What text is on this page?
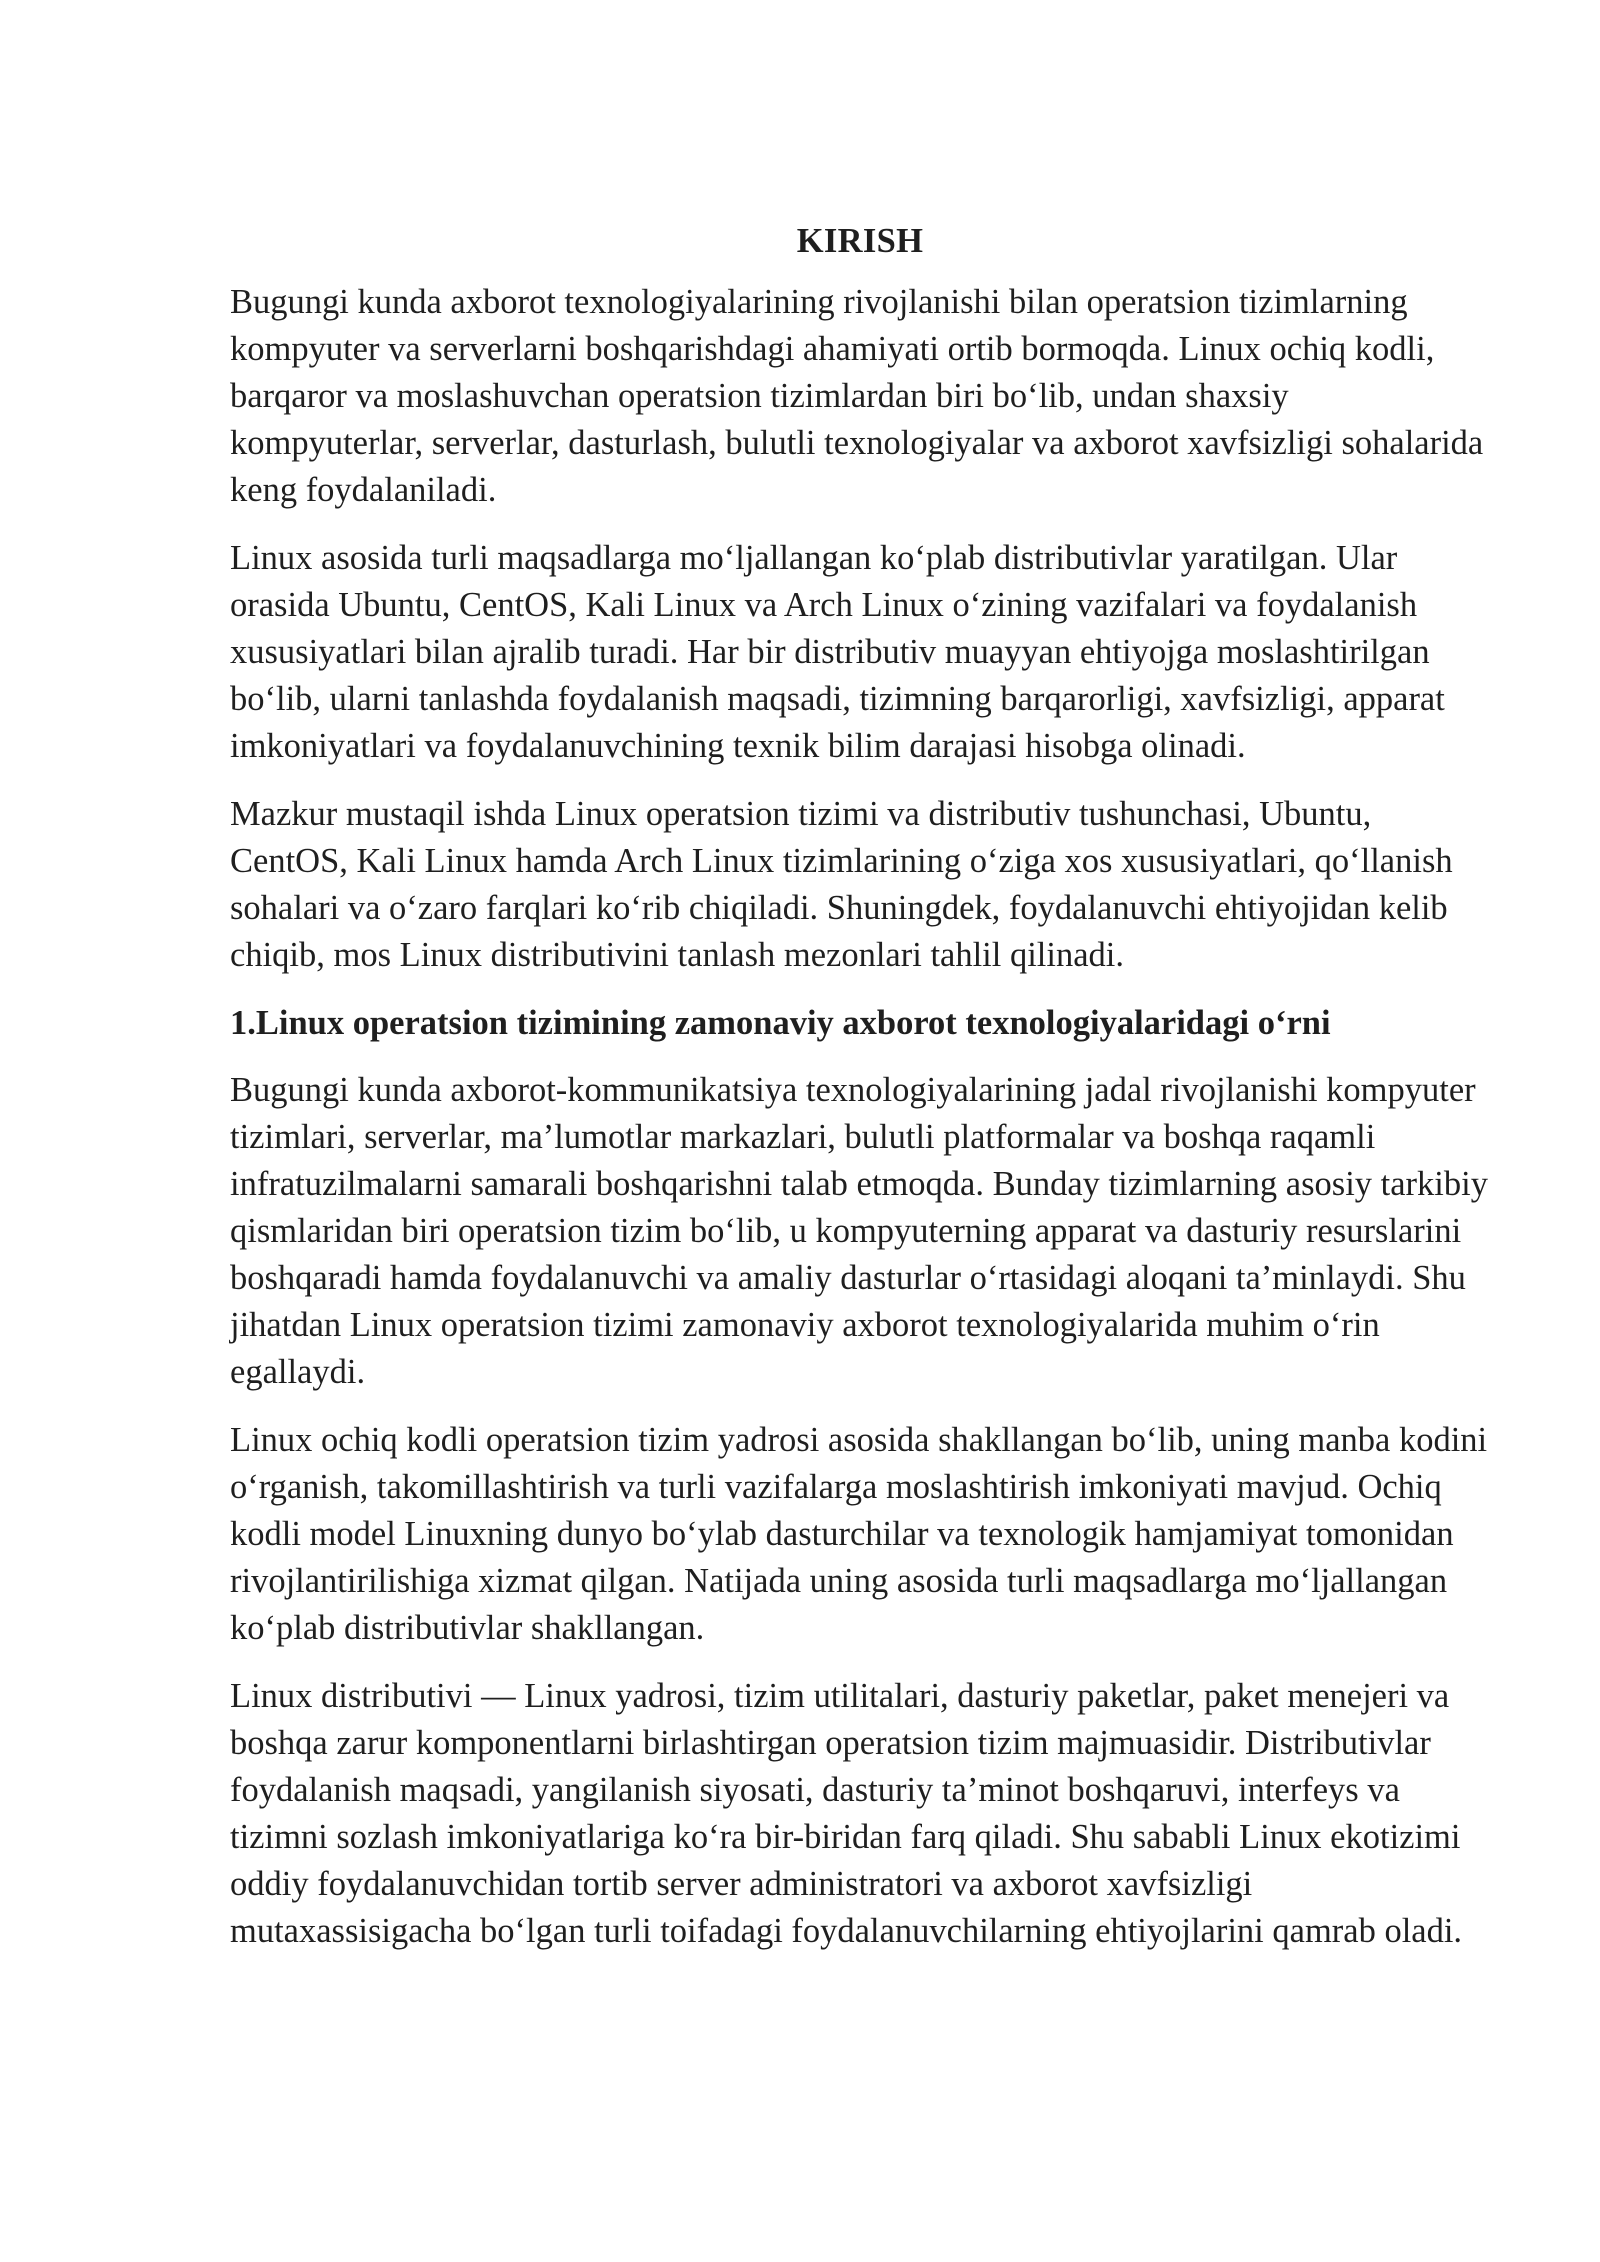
KIRISH

Bugungi kunda axborot texnologiyalarining rivojlanishi bilan operatsion tizimlarning kompyuter va serverlarni boshqarishdagi ahamiyati ortib bormoqda. Linux ochiq kodli, barqaror va moslashuvchan operatsion tizimlardan biri bo‘lib, undan shaxsiy kompyuterlar, serverlar, dasturlash, bulutli texnologiyalar va axborot xavfsizligi sohalarida keng foydalaniladi.

Linux asosida turli maqsadlarga mo‘ljallangan ko‘plab distributivlar yaratilgan. Ular orasida Ubuntu, CentOS, Kali Linux va Arch Linux o‘zining vazifalari va foydalanish xususiyatlari bilan ajralib turadi. Har bir distributiv muayyan ehtiyojga moslashtirilgan bo‘lib, ularni tanlashda foydalanish maqsadi, tizimning barqarorligi, xavfsizligi, apparat imkoniyatlari va foydalanuvchining texnik bilim darajasi hisobga olinadi.

Mazkur mustaqil ishda Linux operatsion tizimi va distributiv tushunchasi, Ubuntu, CentOS, Kali Linux hamda Arch Linux tizimlarining o‘ziga xos xususiyatlari, qo‘llanish sohalari va o‘zaro farqlari ko‘rib chiqiladi. Shuningdek, foydalanuvchi ehtiyojidan kelib chiqib, mos Linux distributivini tanlash mezonlari tahlil qilinadi.

1.Linux operatsion tizimining zamonaviy axborot texnologiyalaridagi o‘rni

Bugungi kunda axborot-kommunikatsiya texnologiyalarining jadal rivojlanishi kompyuter tizimlari, serverlar, ma’lumotlar markazlari, bulutli platformalar va boshqa raqamli infratuzilmalarni samarali boshqarishni talab etmoqda. Bunday tizimlarning asosiy tarkibiy qismlaridan biri operatsion tizim bo‘lib, u kompyuterning apparat va dasturiy resurslarini boshqaradi hamda foydalanuvchi va amaliy dasturlar o‘rtasidagi aloqani ta’minlaydi. Shu jihatdan Linux operatsion tizimi zamonaviy axborot texnologiyalarida muhim o‘rin egallaydi.

Linux ochiq kodli operatsion tizim yadrosi asosida shakllangan bo‘lib, uning manba kodini o‘rganish, takomillashtirish va turli vazifalarga moslashtirish imkoniyati mavjud. Ochiq kodli model Linuxning dunyo bo‘ylab dasturchilar va texnologik hamjamiyat tomonidan rivojlantirilishiga xizmat qilgan. Natijada uning asosida turli maqsadlarga mo‘ljallangan ko‘plab distributivlar shakllangan.

Linux distributivi — Linux yadrosi, tizim utilitalari, dasturiy paketlar, paket menejeri va boshqa zarur komponentlarni birlashtirgan operatsion tizim majmuasidir. Distributivlar foydalanish maqsadi, yangilanish siyosati, dasturiy ta’minot boshqaruvi, interfeys va tizimni sozlash imkoniyatlariga ko‘ra bir-biridan farq qiladi. Shu sababli Linux ekotizimi oddiy foydalanuvchidan tortib server administratori va axborot xavfsizligi mutaxassisigacha bo‘lgan turli toifadagi foydalanuvchilarning ehtiyojlarini qamrab oladi.
